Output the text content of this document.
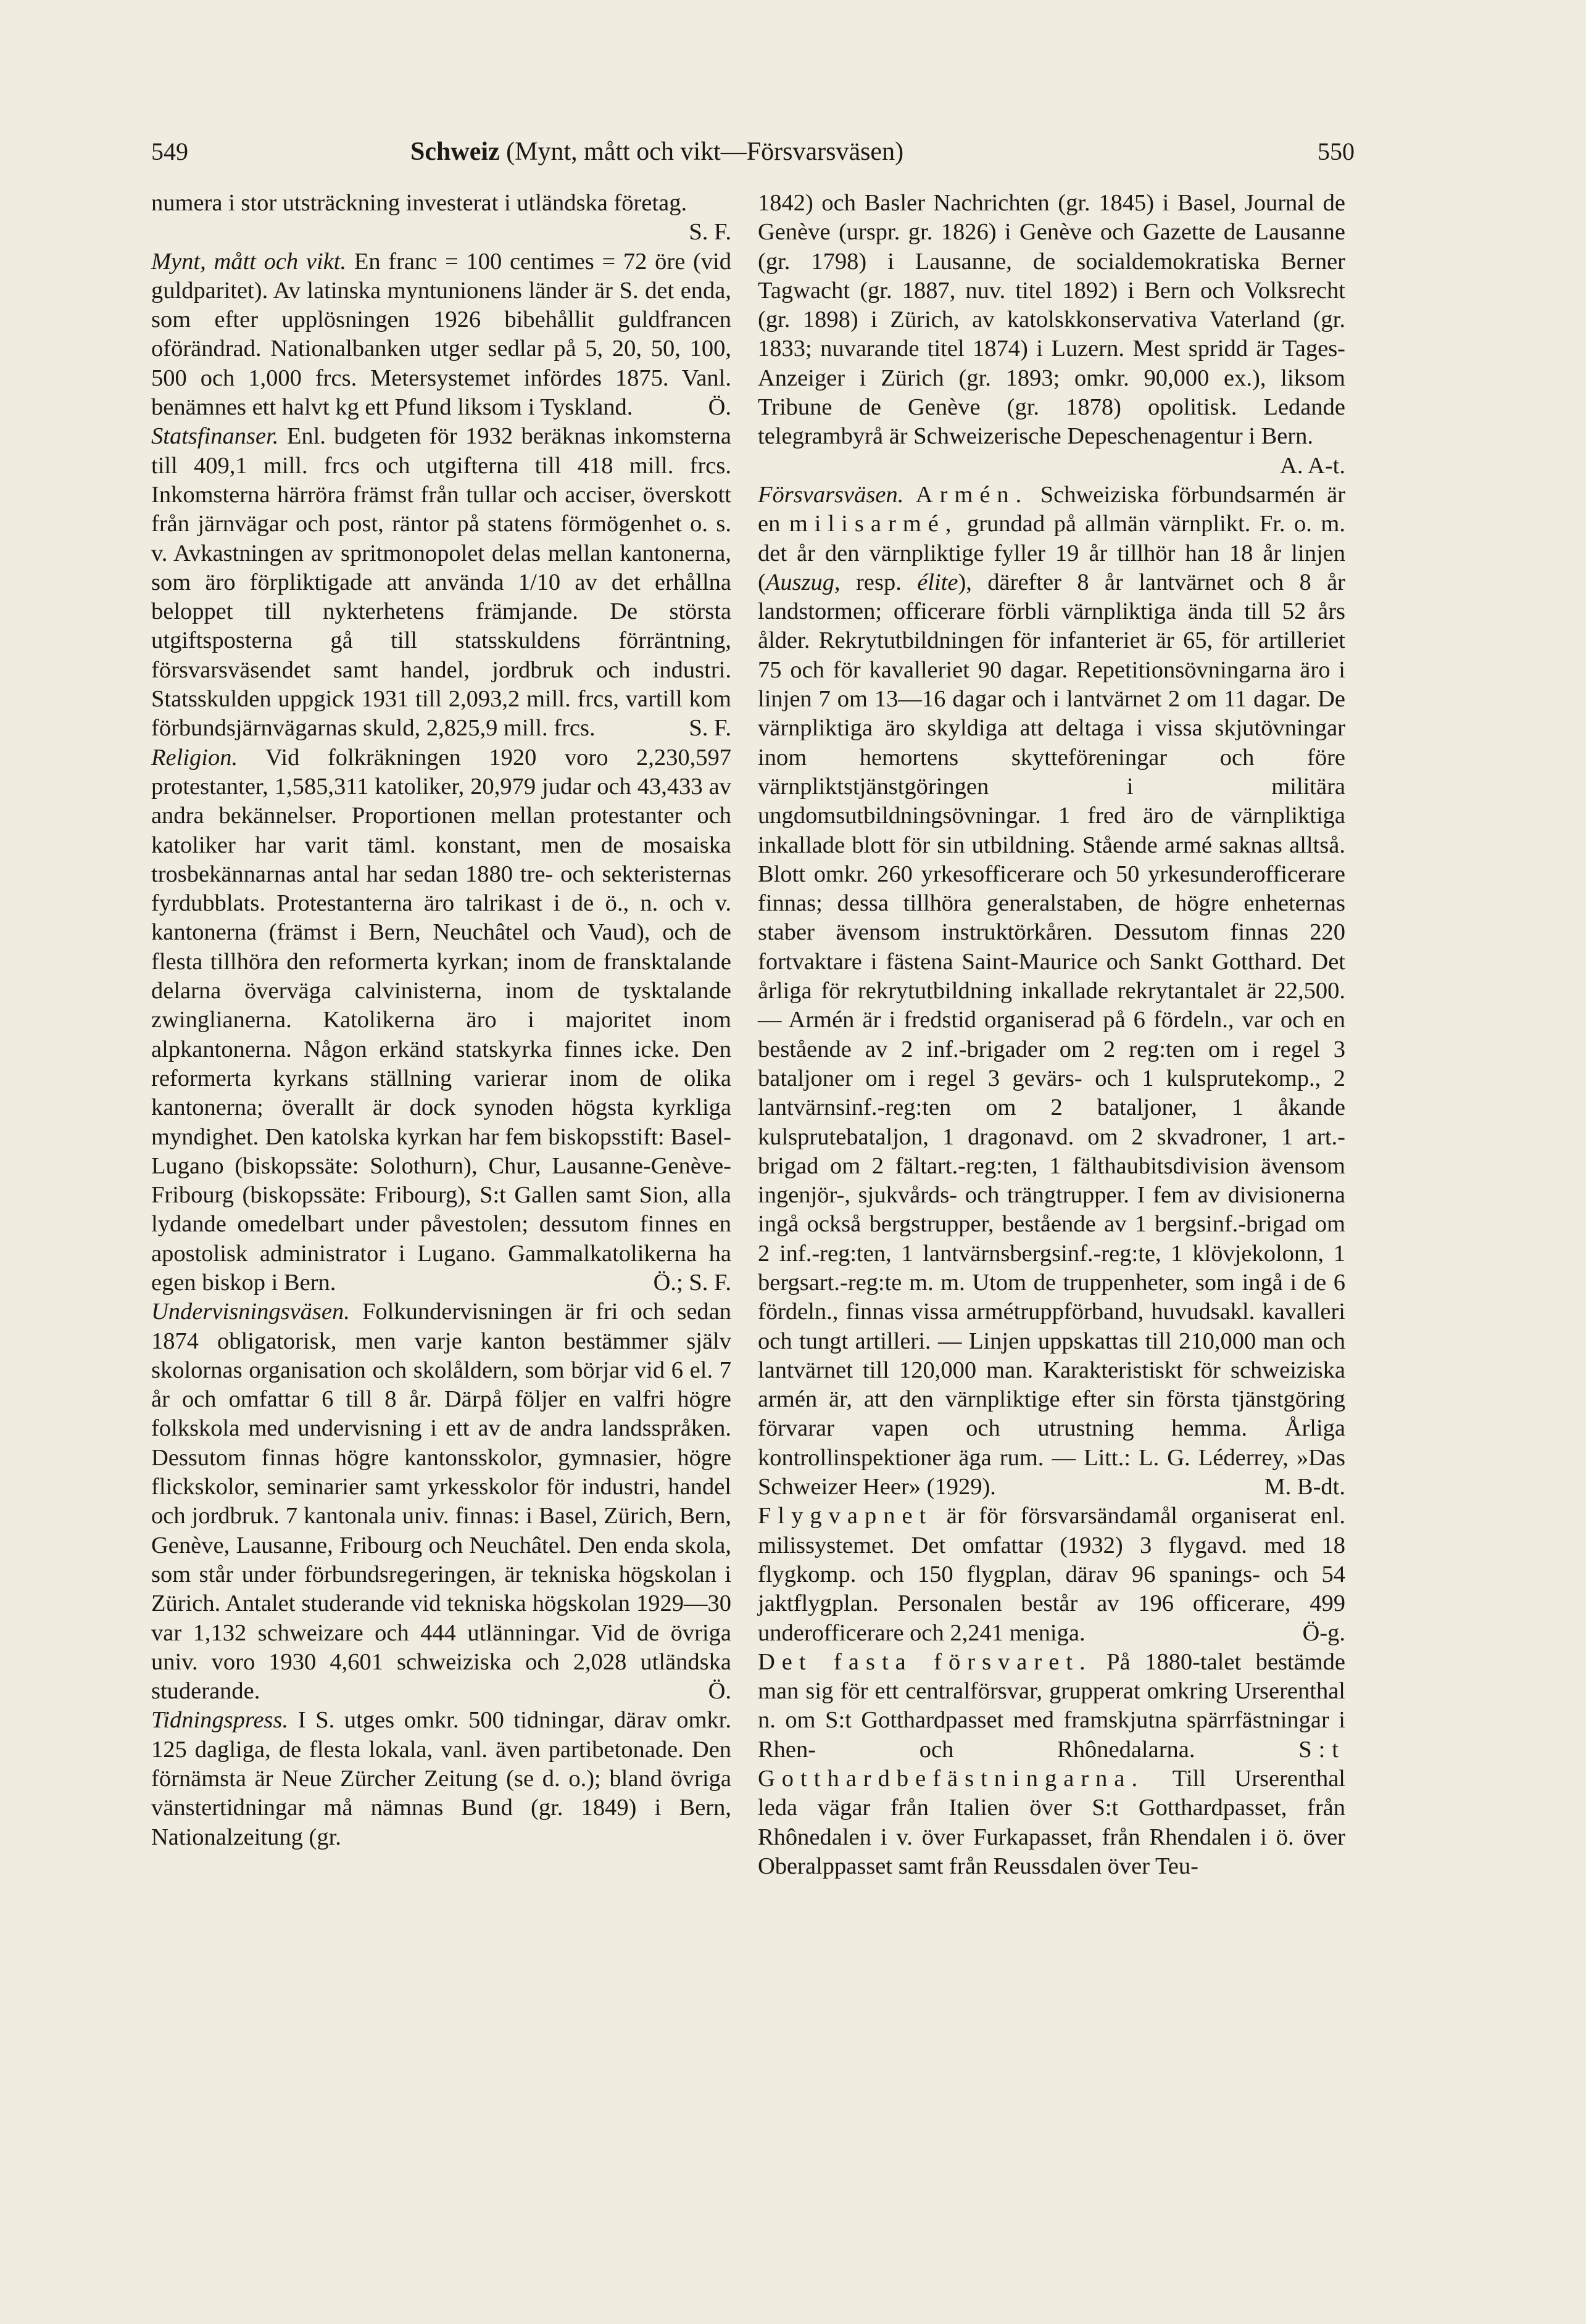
549	Schweiz (Mynt, mått och vikt—Försvarsväsen)	550

numera i stor utsträckning investerat i utländska företag.
S. F.

Mynt, mått och vikt. En franc = 100 centimes = 72 öre (vid guldparitet). Av latinska myntunionens länder är S. det enda, som efter upplösningen 1926 bibehållit guldfrancen oförändrad. Nationalbanken utger sedlar på 5, 20, 50, 100, 500 och 1,000 frcs. Metersystemet infördes 1875. Vanl. benämnes ett halvt kg ett Pfund liksom i Tyskland.	Ö.

Statsfinanser. Enl. budgeten för 1932 beräknas inkomsterna till 409,1 mill. frcs och utgifterna till 418 mill. frcs. Inkomsterna härröra främst från tullar och acciser, överskott från järnvägar och post, räntor på statens förmögenhet o. s. v. Avkastningen av spritmonopolet delas mellan kantonerna, som äro förpliktigade att använda 1/10 av det erhållna beloppet till nykterhetens främjande. De största utgiftsposterna gå till statsskuldens förräntning, försvarsväsendet samt handel, jordbruk och industri. Statsskulden uppgick 1931 till 2,093,2 mill. frcs, vartill kom förbundsjärnvägarnas skuld, 2,825,9 mill. frcs.	S. F.

Religion. Vid folkräkningen 1920 voro 2,230,597 protestanter, 1,585,311 katoliker, 20,979 judar och 43,433 av andra bekännelser. Proportionen mellan protestanter och katoliker har varit täml. konstant, men de mosaiska trosbekännarnas antal har sedan 1880 tre- och sekteristernas fyrdubblats. Protestanterna äro talrikast i de ö., n. och v. kantonerna (främst i Bern, Neuchâtel och Vaud), och de flesta tillhöra den reformerta kyrkan; inom de fransktalande delarna överväga calvinisterna, inom de tysktalande zwinglianerna. Katolikerna äro i majoritet inom alpkantonerna. Någon erkänd statskyrka finnes icke. Den reformerta kyrkans ställning varierar inom de olika kantonerna; överallt är dock synoden högsta kyrkliga myndighet. Den katolska kyrkan har fem biskopsstift: Basel-Lugano (biskopssäte: Solothurn), Chur, Lausanne-Genève-Fribourg (biskopssäte: Fribourg), S:t Gallen samt Sion, alla lydande omedelbart under påvestolen; dessutom finnes en apostolisk administrator i Lugano. Gammalkatolikerna ha egen biskop i Bern.	Ö.; S. F.

Undervisningsväsen. Folkundervisningen är fri och sedan 1874 obligatorisk, men varje kanton bestämmer själv skolornas organisation och skolåldern, som börjar vid 6 el. 7 år och omfattar 6 till 8 år. Därpå följer en valfri högre folkskola med undervisning i ett av de andra landsspråken. Dessutom finnas högre kantonsskolor, gymnasier, högre flickskolor, seminarier samt yrkesskolor för industri, handel och jordbruk. 7 kantonala univ. finnas: i Basel, Zürich, Bern, Genève, Lausanne, Fribourg och Neuchâtel. Den enda skola, som står under förbundsregeringen, är tekniska högskolan i Zürich. Antalet studerande vid tekniska högskolan 1929—30 var 1,132 schweizare och 444 utlänningar. Vid de övriga univ. voro 1930 4,601 schweiziska och 2,028 utländska studerande.	Ö.

Tidningspress. I S. utges omkr. 500 tidningar, därav omkr. 125 dagliga, de flesta lokala, vanl. även partibetonade. Den förnämsta är Neue Zürcher Zeitung (se d. o.); bland övriga vänstertidningar må nämnas Bund (gr. 1849) i Bern, Nationalzeitung (gr.

1842) och Basler Nachrichten (gr. 1845) i Basel, Journal de Genève (urspr. gr. 1826) i Genève och Gazette de Lausanne (gr. 1798) i Lausanne, de socialdemokratiska Berner Tagwacht (gr. 1887, nuv. titel 1892) i Bern och Volksrecht (gr. 1898) i Zürich, av katolskkonservativa Vaterland (gr. 1833; nuvarande titel 1874) i Luzern. Mest spridd är Tages-Anzeiger i Zürich (gr. 1893; omkr. 90,000 ex.), liksom Tribune de Genève (gr. 1878) opolitisk. Ledande telegrambyrå är Schweizerische Depeschenagentur i Bern.
A. A-t.

Försvarsväsen. Armén. Schweiziska förbundsarmén är en milisarmé, grundad på allmän värnplikt. Fr. o. m. det år den värnpliktige fyller 19 år tillhör han 18 år linjen (Auszug, resp. élite), därefter 8 år lantvärnet och 8 år landstormen; officerare förbli värnpliktiga ända till 52 års ålder. Rekrytutbildningen för infanteriet är 65, för artilleriet 75 och för kavalleriet 90 dagar. Repetitionsövningarna äro i linjen 7 om 13—16 dagar och i lantvärnet 2 om 11 dagar. De värnpliktiga äro skyldiga att deltaga i vissa skjutövningar inom hemortens skytteföreningar och före värnpliktstjänstgöringen i militära ungdomsutbildningsövningar. 1 fred äro de värnpliktiga inkallade blott för sin utbildning. Stående armé saknas alltså. Blott omkr. 260 yrkesofficerare och 50 yrkesunderofficerare finnas; dessa tillhöra generalstaben, de högre enheternas staber ävensom instruktörkåren. Dessutom finnas 220 fortvaktare i fästena Saint-Maurice och Sankt Gotthard. Det årliga för rekrytutbildning inkallade rekrytantalet är 22,500. — Armén är i fredstid organiserad på 6 fördeln., var och en bestående av 2 inf.-brigader om 2 reg:ten om i regel 3 bataljoner om i regel 3 gevärs- och 1 kulsprutekomp., 2 lantvärnsinf.-reg:ten om 2 bataljoner, 1 åkande kulsprutebataljon, 1 dragonavd. om 2 skvadroner, 1 art.-brigad om 2 fältart.-reg:ten, 1 fälthaubitsdivision ävensom ingenjör-, sjukvårds- och trängtrupper. I fem av divisionerna ingå också bergstrupper, bestående av 1 bergsinf.-brigad om 2 inf.-reg:ten, 1 lantvärnsbergsinf.-reg:te, 1 klövjekolonn, 1 bergsart.-reg:te m. m. Utom de truppenheter, som ingå i de 6 fördeln., finnas vissa armétruppförband, huvudsakl. kavalleri och tungt artilleri. — Linjen uppskattas till 210,000 man och lantvärnet till 120,000 man. Karakteristiskt för schweiziska armén är, att den värnpliktige efter sin första tjänstgöring förvarar vapen och utrustning hemma. Årliga kontrollinspektioner äga rum. — Litt.: L. G. Léderrey, »Das Schweizer Heer» (1929).	M. B-dt.

Flygvapnet är för försvarsändamål organiserat enl. milissystemet. Det omfattar (1932) 3 flygavd. med 18 flygkomp. och 150 flygplan, därav 96 spanings- och 54 jaktflygplan. Personalen består av 196 officerare, 499 underofficerare och 2,241 meniga.	Ö-g.

Det fasta försvaret. På 1880-talet bestämde man sig för ett centralförsvar, grupperat omkring Urserenthal n. om S:t Gotthardpasset med framskjutna spärrfästningar i Rhen- och Rhônedalarna.	S:t Gotthardbefästningarna. Till Urserenthal leda vägar från Italien över S:t Gotthardpasset, från Rhônedalen i v. över Furkapasset, från Rhendalen i ö. över Oberalppasset samt från Reussdalen över Teu-
